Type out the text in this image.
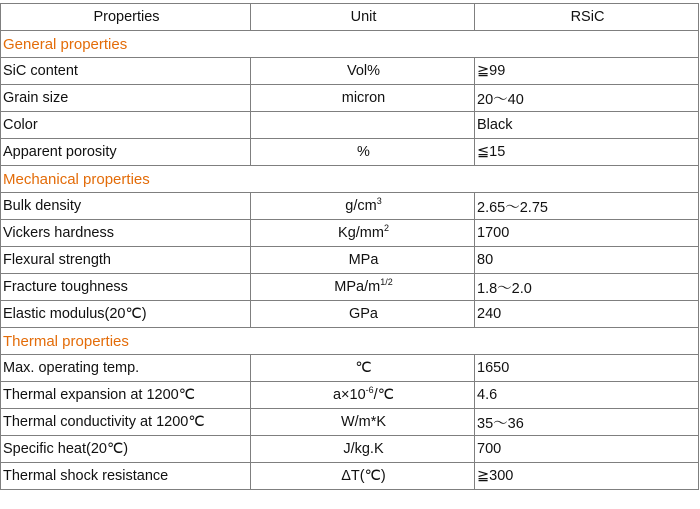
Properties	Unit	RSiC
General properties		
SiC content	Vol%	≧99
Grain size	micron	20～40
Color		Black
Apparent porosity	%	≦15
Mechanical properties		
Bulk density	$g/cm^3$	2.65～2.75
Vickers hardness	$Kg/mm^2$	1700
Flexural strength	MPa	80
Fracture toughness	MPa/$m^{1/2}$	1.8～2.0
Elastic modulus(20℃)	GPa	240
Thermal properties		
Max. operating temp.	℃	1650
Thermal expansion at 1200℃	$a\times 10^{-6}/℃$	4.6
Thermal conductivity at 1200℃	W/m*K	35～36
Specific heat(20℃)	J/kg.K	700
Thermal shock resistance	ΔT(℃)	≧300
